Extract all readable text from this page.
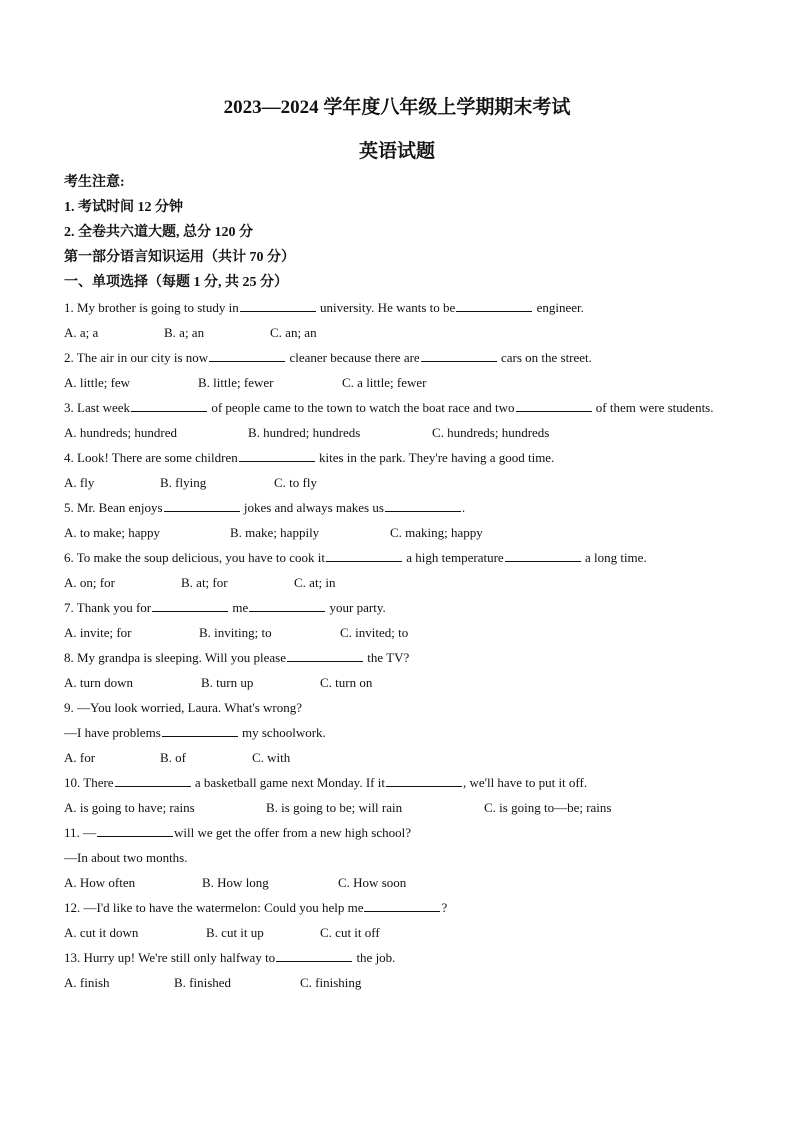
2023—2024 学年度八年级上学期期末考试
英语试题
考生注意:
1. 考试时间 12 分钟
2. 全卷共六道大题, 总分 120 分
第一部分语言知识运用（共计 70 分）
一、单项选择（每题 1 分, 共 25 分）
1. My brother is going to study in	university. He wants to be	engineer.
A. a; a	B. a; an	C. an; an
2. The air in our city is now	cleaner because there are	cars on the street.
A. little; few	B. little; fewer	C. a little; fewer
3. Last week	of people came to the town to watch the boat race and two	of them were students.
A. hundreds; hundred	B. hundred; hundreds	C. hundreds; hundreds
4. Look! There are some children	kites in the park. They're having a good time.
A. fly	B. flying	C. to fly
5. Mr. Bean enjoys	jokes and always makes us	.
A. to make; happy	B. make; happily	C. making; happy
6. To make the soup delicious, you have to cook it	a high temperature	a long time.
A. on; for	B. at; for	C. at; in
7. Thank you for	me	your party.
A. invite; for	B. inviting; to	C. invited; to
8. My grandpa is sleeping. Will you please	the TV?
A. turn down	B. turn up	C. turn on
9. —You look worried, Laura. What's wrong?
—I have problems	my schoolwork.
A. for	B. of	C. with
10. There	a basketball game next Monday. If it	, we'll have to put it off.
A. is going to have; rains	B. is going to be; will rain	C. is going to—be; rains
11. —	will we get the offer from a new high school?
—In about two months.
A. How often	B. How long	C. How soon
12. —I'd like to have the watermelon: Could you help me	?
A. cut it down	B. cut it up	C. cut it off
13. Hurry up! We're still only halfway to	the job.
A. finish	B. finished	C. finishing
